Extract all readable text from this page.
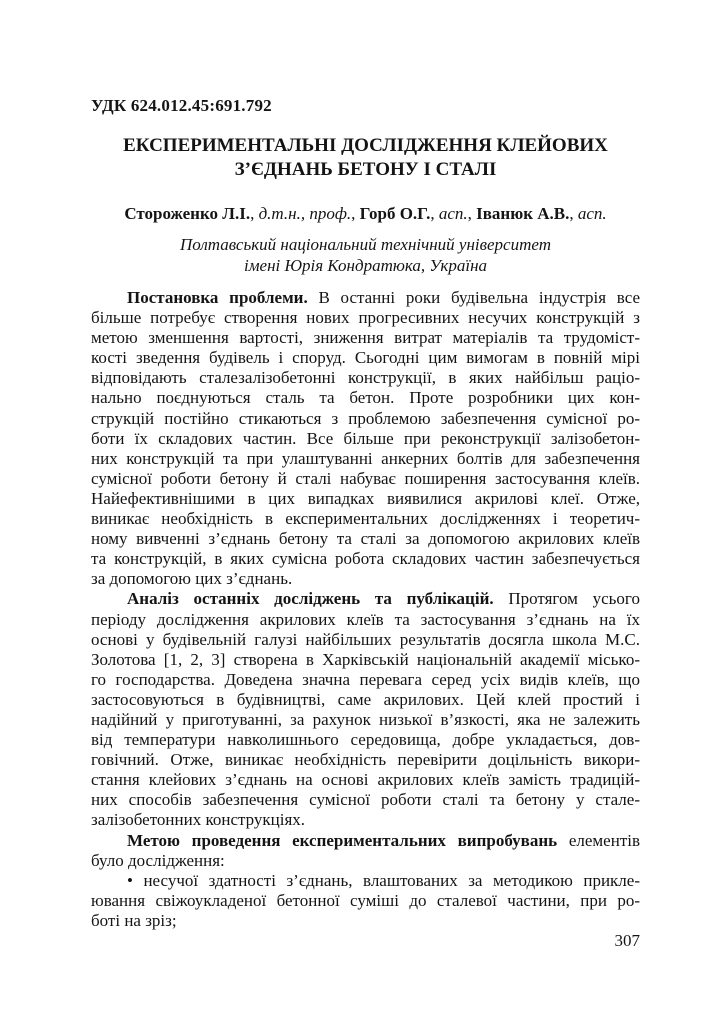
УДК 624.012.45:691.792
ЕКСПЕРИМЕНТАЛЬНІ ДОСЛІДЖЕННЯ КЛЕЙОВИХ
З’ЄДНАНЬ БЕТОНУ І СТАЛІ
Стороженко Л.І., д.т.н., проф., Горб О.Г., асп., Іванюк А.В., асп.
Полтавський національний технічний університет
імені Юрія Кондратюка, Україна
Постановка проблеми. В останні роки будівельна індустрія все
більше потребує створення нових прогресивних несучих конструкцій з
метою зменшення вартості, зниження витрат матеріалів та трудоміст-
кості зведення будівель і споруд. Сьогодні цим вимогам в повній мірі
відповідають сталезалізобетонні конструкції, в яких найбільш раціо-
нально поєднуються сталь та бетон. Проте розробники цих кон-
струкцій постійно стикаються з проблемою забезпечення сумісної ро-
боти їх складових частин. Все більше при реконструкції залізобетон-
них конструкцій та при улаштуванні анкерних болтів для забезпечення
сумісної роботи бетону й сталі набуває поширення застосування клеїв.
Найефективнішими в цих випадках виявилися акрилові клеї. Отже,
виникає необхідність в експериментальних дослідженнях і теоретич-
ному вивченні з’єднань бетону та сталі за допомогою акрилових клеїв
та конструкцій, в яких сумісна робота складових частин забезпечується
за допомогою цих з’єднань.
Аналіз останніх досліджень та публікацій. Протягом усього
періоду дослідження акрилових клеїв та застосування з’єднань на їх
основі у будівельній галузі найбільших результатів досягла школа М.С.
Золотова [1, 2, 3] створена в Харківській національній академії місько-
го господарства. Доведена значна перевага серед усіх видів клеїв, що
застосовуються в будівництві, саме акрилових. Цей клей простий і
надійний у приготуванні, за рахунок низької в’язкості, яка не залежить
від температури навколишнього середовища, добре укладається, дов-
говічний. Отже, виникає необхідність перевірити доцільність викори-
стання клейових з’єднань на основі акрилових клеїв замість традицій-
них способів забезпечення сумісної роботи сталі та бетону у стале-
залізобетонних конструкціях.
Метою проведення експериментальних випробувань елементів
було дослідження:
• несучої здатності з’єднань, влаштованих за методикою прикле-
ювання свіжоукладеної бетонної суміші до сталевої частини, при ро-
боті на зріз;
307
